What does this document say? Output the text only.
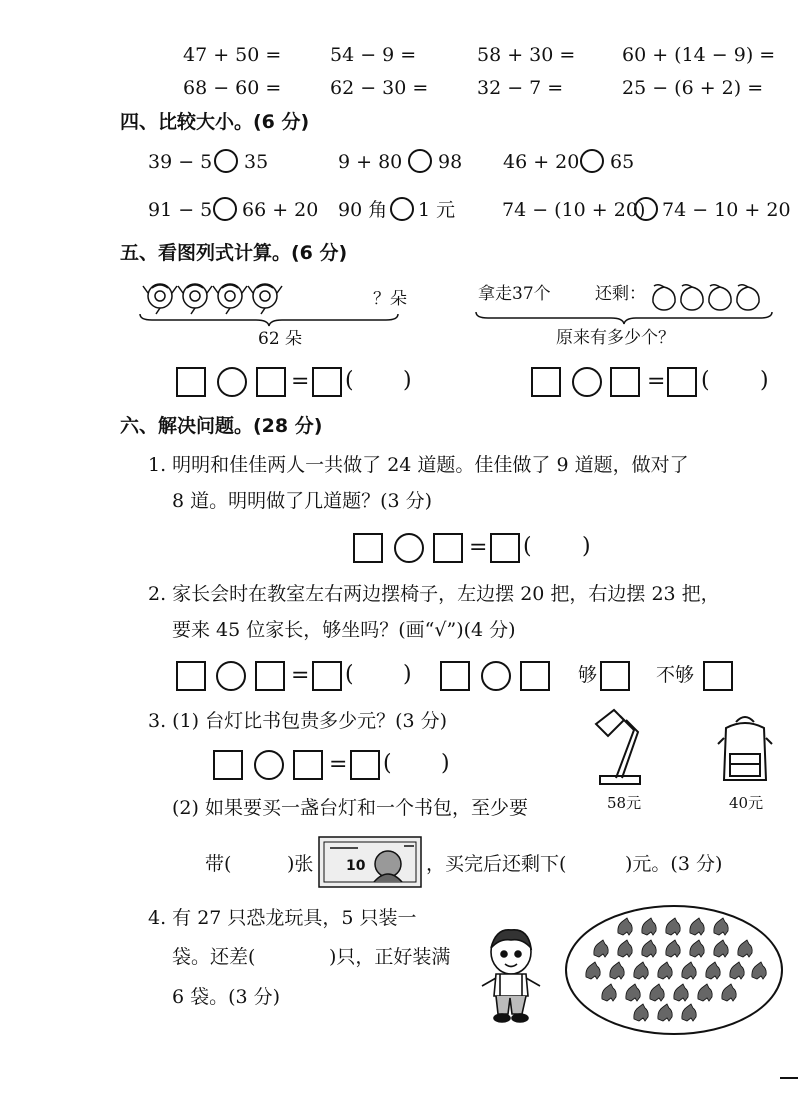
47 + 50 =	54 − 9 =	58 + 30 = 60 + (14 − 9) =
68 − 60 =	62 − 30 =	32 − 7 =	25 − (6 + 2) =
四、比较大小。(6 分)
39 − 5 35	9 + 80 98 46 + 20 65
91 − 5 66 + 20 90 角 1 元 74 − (10 + 20) 74 − 10 + 20
五、看图列式计算。(6 分)
？朵
62 朵
拿走37个	还剩：
原来有多少个？
= ( )	= ( )
六、解决问题。(28 分)
1. 明明和佳佳两人一共做了 24 道题。佳佳做了 9 道题，做对了
8 道。明明做了几道题？(3 分)
= ( )
2. 家长会时在教室左右两边摆椅子，左边摆 20 把，右边摆 23 把，
要来 45 位家长，够坐吗？(画“√”)(4 分)
= ( )	够	不够
3. (1) 台灯比书包贵多少元？(3 分)
= ( )
58元	40元
(2) 如果要买一盏台灯和一个书包，至少要
带(	)张 10	，买完后还剩下(	)元。(3 分)
4. 有 27 只恐龙玩具，5 只装一
袋。还差(	)只，正好装满
6 袋。(3 分)
